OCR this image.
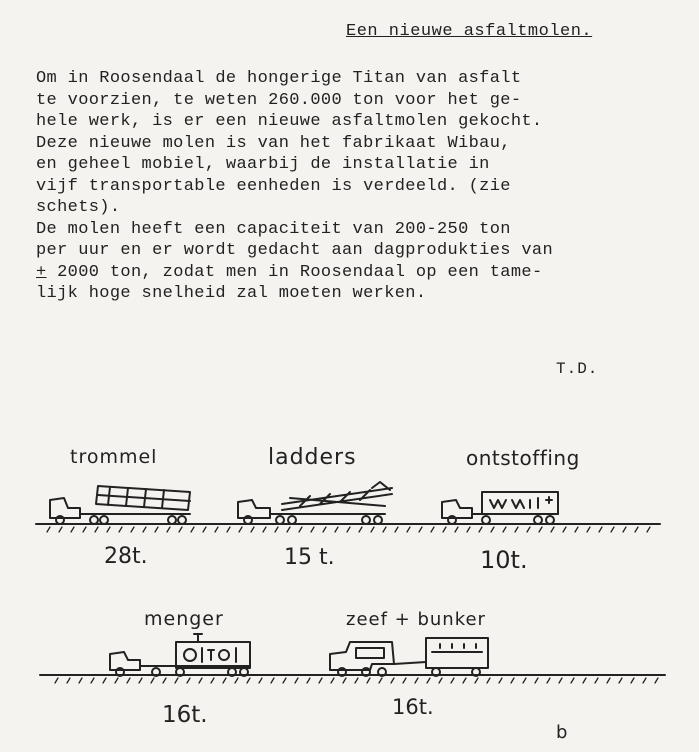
Een nieuwe asfaltmolen.
Om in Roosendaal de hongerige Titan van asfalt
te voorzien, te weten 260.000 ton voor het ge-
hele werk, is er een nieuwe asfaltmolen gekocht.
Deze nieuwe molen is van het fabrikaat Wibau,
en geheel mobiel, waarbij de installatie in
vijf transportable eenheden is verdeeld. (zie
schets).
De molen heeft een capaciteit van 200-250 ton
per uur en er wordt gedacht aan dagprodukties van
+ 2000 ton, zodat men in Roosendaal op een tame-
lijk hoge snelheid zal moeten werken.
T.D.
trommel	ladders	ontstoffing
menger	zeef + bunker
28t.	15 t.	10t.
16t.	16t.
b
